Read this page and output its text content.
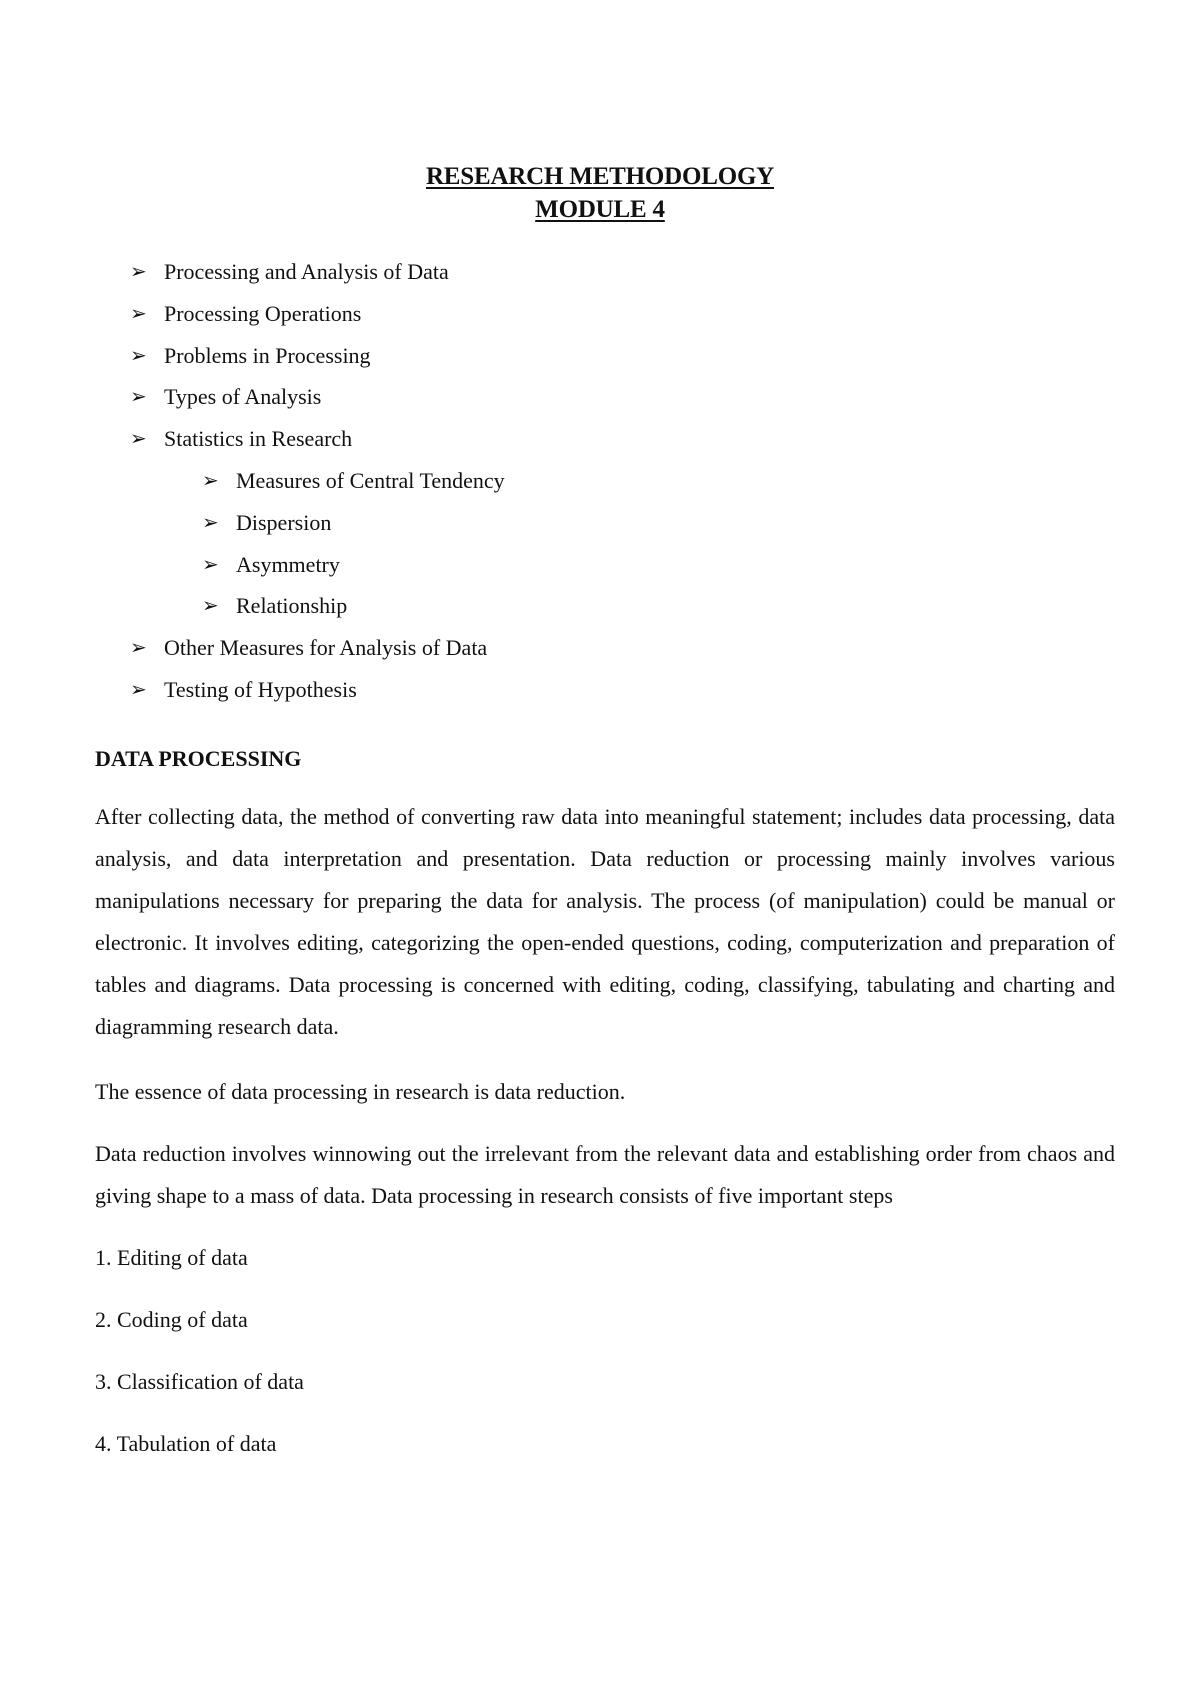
RESEARCH METHODOLOGY
MODULE 4
➢ Processing and Analysis of Data
➢ Processing Operations
➢ Problems in Processing
➢ Types of Analysis
➢ Statistics in Research
➢ Measures of Central Tendency
➢ Dispersion
➢ Asymmetry
➢ Relationship
➢ Other Measures for Analysis of Data
➢ Testing of Hypothesis
DATA PROCESSING

After collecting data, the method of converting raw data into meaningful statement; includes data processing, data analysis, and data interpretation and presentation. Data reduction or processing mainly involves various manipulations necessary for preparing the data for analysis. The process (of manipulation) could be manual or electronic. It involves editing, categorizing the open-ended questions, coding, computerization and preparation of tables and diagrams. Data processing is concerned with editing, coding, classifying, tabulating and charting and diagramming research data.

The essence of data processing in research is data reduction.

Data reduction involves winnowing out the irrelevant from the relevant data and establishing order from chaos and giving shape to a mass of data. Data processing in research consists of five important steps

1. Editing of data
2. Coding of data
3. Classification of data
4. Tabulation of data
